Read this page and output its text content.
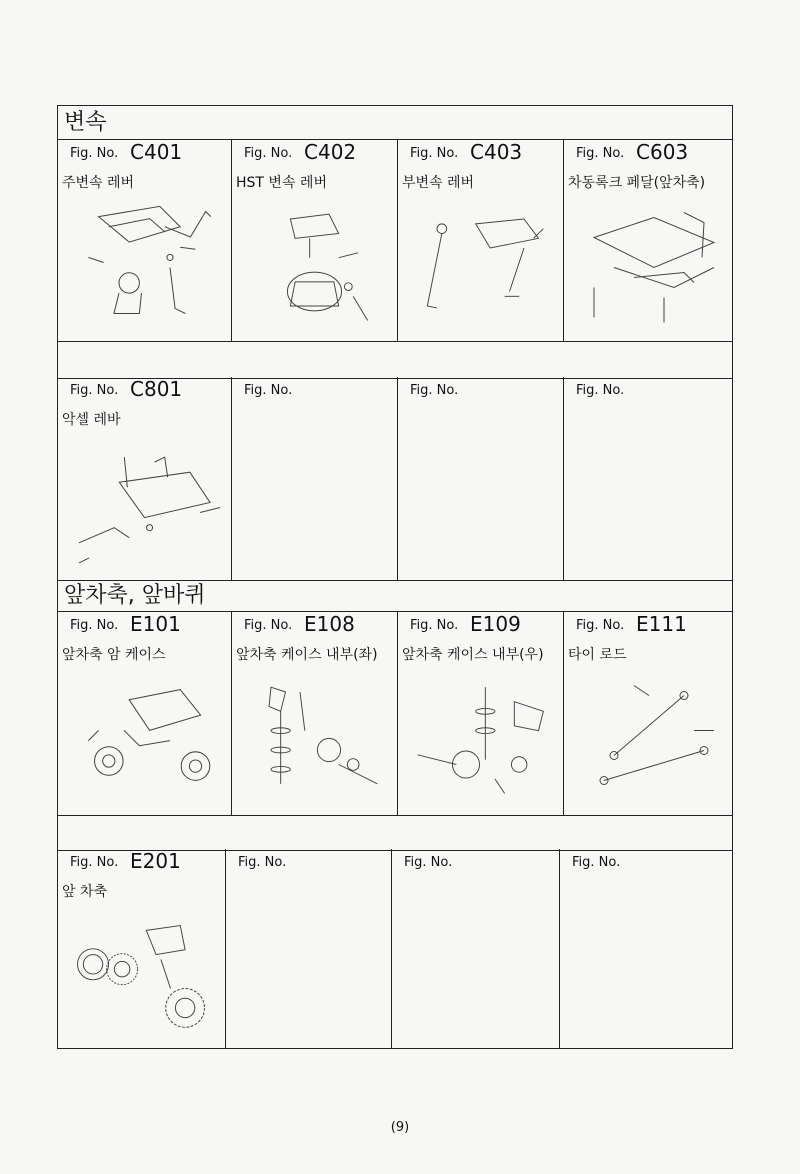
변속
Fig. No. C401
주변속 레버
Fig. No. C402
HST 변속 레버
Fig. No. C403
부변속 레버
Fig. No. C603
차동록크 페달(앞차축)
Fig. No. C801
악셀 레바
Fig. No.	Fig. No.	Fig. No.
앞차축, 앞바퀴
Fig. No. E101
앞차축 암 케이스
Fig. No. E108
앞차축 케이스 내부(좌)
Fig. No. E109
앞차축 케이스 내부(우)
Fig. No. E111
타이 로드
Fig. No. E201
앞 차축
Fig. No.	Fig. No.	Fig. No.
(9)
